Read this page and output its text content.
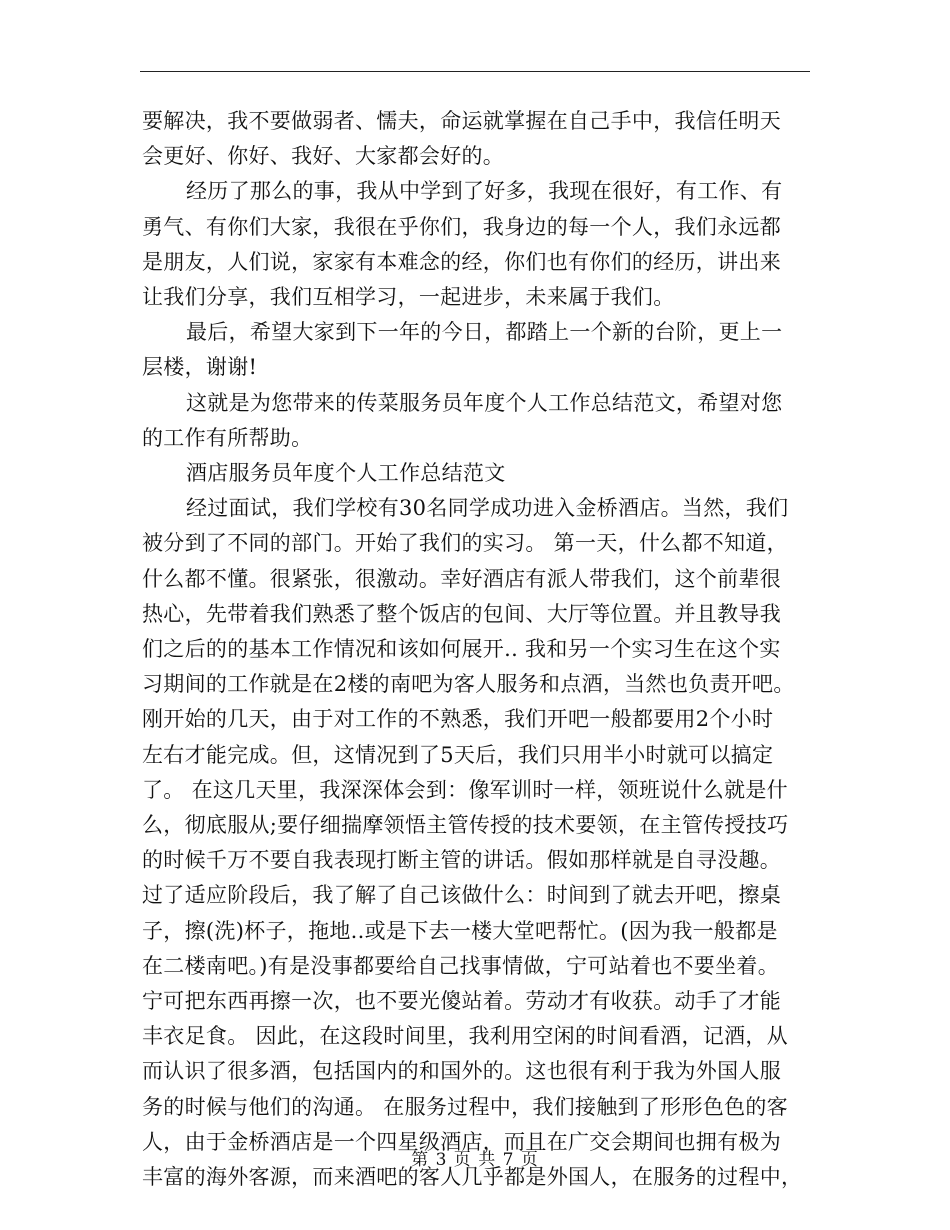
要解决，我不要做弱者、懦夫，命运就掌握在自己手中，我信任明天
会更好、你好、我好、大家都会好的。
经历了那么的事，我从中学到了好多，我现在很好，有工作、有
勇气、有你们大家，我很在乎你们，我身边的每一个人，我们永远都
是朋友，人们说，家家有本难念的经，你们也有你们的经历，讲出来
让我们分享，我们互相学习，一起进步，未来属于我们。
最后，希望大家到下一年的今日，都踏上一个新的台阶，更上一
层楼，谢谢!
这就是为您带来的传菜服务员年度个人工作总结范文，希望对您
的工作有所帮助。
酒店服务员年度个人工作总结范文
经过面试，我们学校有30名同学成功进入金桥酒店。当然，我们
被分到了不同的部门。开始了我们的实习。 第一天，什么都不知道，
什么都不懂。很紧张，很激动。幸好酒店有派人带我们，这个前辈很
热心，先带着我们熟悉了整个饭店的包间、大厅等位置。并且教导我
们之后的的基本工作情况和该如何展开.. 我和另一个实习生在这个实
习期间的工作就是在2楼的南吧为客人服务和点酒，当然也负责开吧。
刚开始的几天，由于对工作的不熟悉，我们开吧一般都要用2个小时
左右才能完成。但，这情况到了5天后，我们只用半小时就可以搞定
了。 在这几天里，我深深体会到：像军训时一样，领班说什么就是什
么，彻底服从;要仔细揣摩领悟主管传授的技术要领，在主管传授技巧
的时候千万不要自我表现打断主管的讲话。假如那样就是自寻没趣。
过了适应阶段后，我了解了自己该做什么：时间到了就去开吧，擦桌
子，擦(洗)杯子，拖地..或是下去一楼大堂吧帮忙。(因为我一般都是
在二楼南吧。)有是没事都要给自己找事情做，宁可站着也不要坐着。
宁可把东西再擦一次，也不要光傻站着。劳动才有收获。动手了才能
丰衣足食。 因此，在这段时间里，我利用空闲的时间看酒，记酒，从
而认识了很多酒，包括国内的和国外的。这也很有利于我为外国人服
务的时候与他们的沟通。 在服务过程中，我们接触到了形形色色的客
人，由于金桥酒店是一个四星级酒店，而且在广交会期间也拥有极为
丰富的海外客源，而来酒吧的客人几乎都是外国人，在服务的过程中，
第 3 页 共 7 页
